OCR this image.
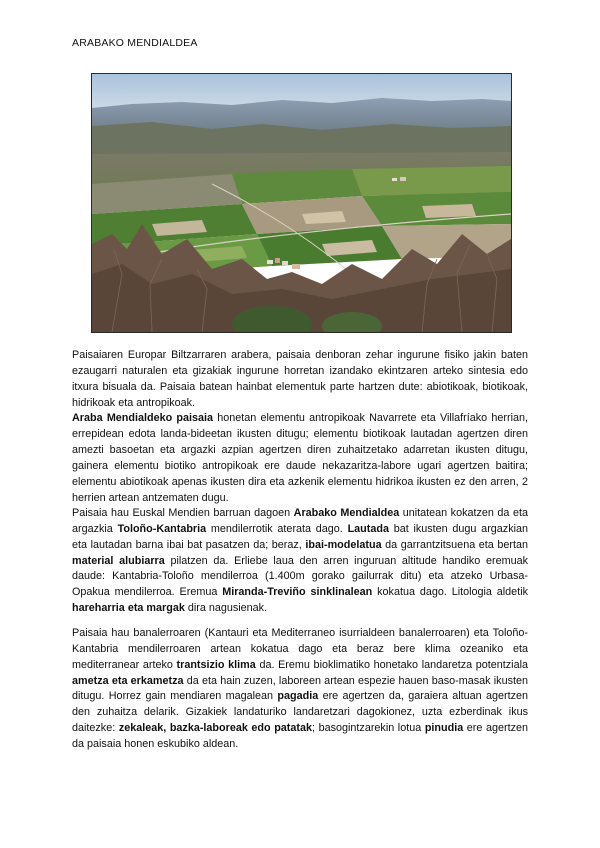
ARABAKO MENDIALDEA

Paisaiaren Europar Biltzarraren arabera, paisaia denboran zehar ingurune fisiko jakin baten ezaugarri naturalen eta gizakiak ingurune horretan izandako ekintzaren arteko sintesia edo itxura bisuala da. Paisaia batean hainbat elementuk parte hartzen dute: abiotikoak, biotikoak, hidrikoak eta antropikoak.
Araba Mendialdeko paisaia honetan elementu antropikoak Navarrete eta Villafríako herrian, errepidean edota landa-bideetan ikusten ditugu; elementu biotikoak lautadan agertzen diren amezti basoetan eta argazki azpian agertzen diren zuhaitzetako adarretan ikusten ditugu, gainera elementu biotiko antropikoak ere daude nekazaritza-labore ugari agertzen baitira; elementu abiotikoak apenas ikusten dira eta azkenik elementu hidrikoa ikusten ez den arren, 2 herrien artean antzematen dugu.

Paisaia hau Euskal Mendien barruan dagoen Arabako Mendialdea unitatean kokatzen da eta argazkia Toloño-Kantabria mendilerrotik aterata dago. Lautada bat ikusten dugu argazkian eta lautadan barna ibai bat pasatzen da; beraz, ibai-modelatua da garrantzitsuena eta bertan material alubiarra pilatzen da. Erliebe laua den arren inguruan altitude handiko eremuak daude: Kantabria-Toloño mendilerroa (1.400m gorako gailurrak ditu) eta atzeko Urbasa-Opakua mendilerroa. Eremua Miranda-Treviño sinklinalean kokatua dago. Litologia aldetik hareharria eta margak dira nagusienak.

Paisaia hau banalerroaren (Kantauri eta Mediterraneo isurrialdeen banalerroaren) eta Toloño-Kantabria mendilerroaren artean kokatua dago eta beraz bere klima ozeaniko eta mediterranear arteko trantsizio klima da. Eremu bioklimatiko honetako landaretza potentziala ametza eta erkametza da eta hain zuzen, laboreen artean espezie hauen baso-masak ikusten ditugu. Horrez gain mendiaren magalean pagadia ere agertzen da, garaiera altuan agertzen den zuhaitza delarik. Gizakiek landaturiko landaretzari dagokionez, uzta ezberdinak ikus daitezke: zekaleak, bazka-laboreak edo patatak; basogintzarekin lotua pinudia ere agertzen da paisaia honen eskubiko aldean.
